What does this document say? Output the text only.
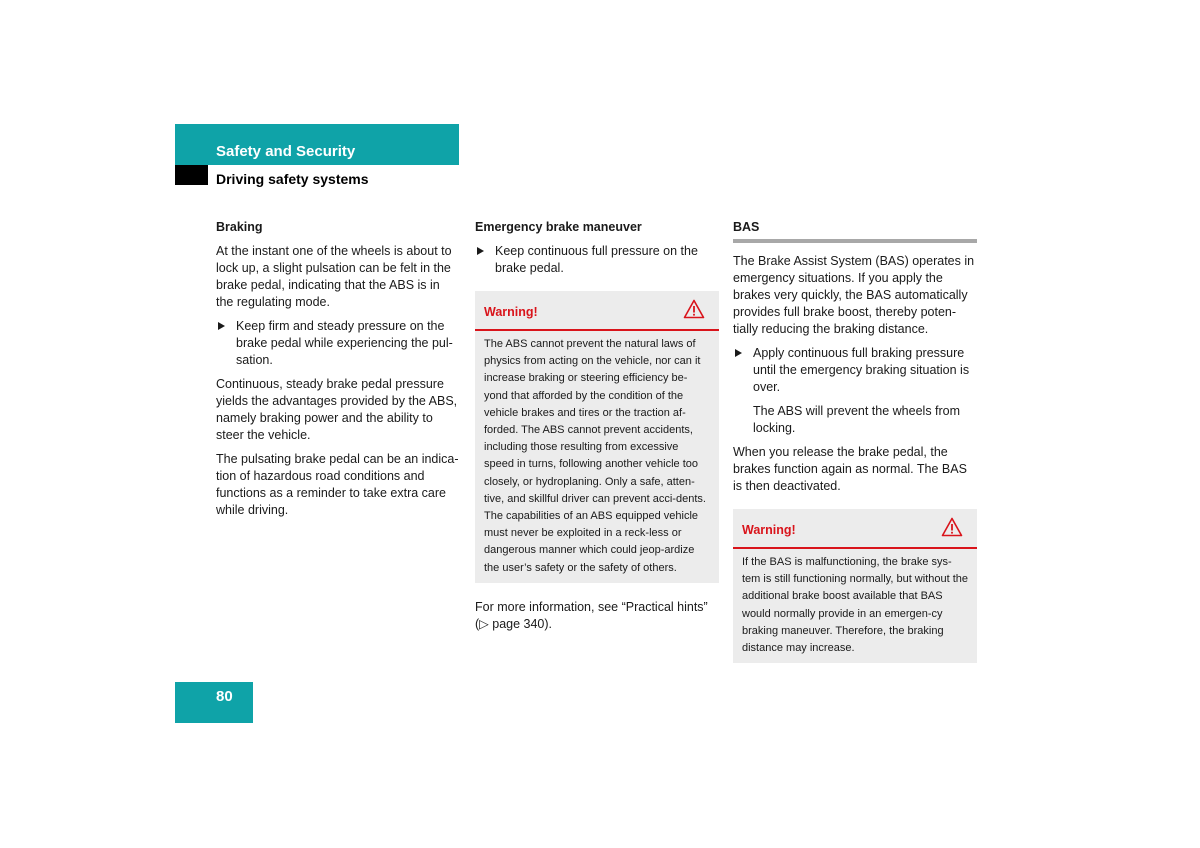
Safety and Security
Driving safety systems
Braking

At the instant one of the wheels is about to lock up, a slight pulsation can be felt in the brake pedal, indicating that the ABS is in the regulating mode.

Keep firm and steady pressure on the brake pedal while experiencing the pul-sation.

Continuous, steady brake pedal pressure yields the advantages provided by the ABS, namely braking power and the ability to steer the vehicle.

The pulsating brake pedal can be an indica-tion of hazardous road conditions and functions as a reminder to take extra care while driving.

Emergency brake maneuver
Keep continuous full pressure on the brake pedal.
Warning!
The ABS cannot prevent the natural laws of physics from acting on the vehicle, nor can it increase braking or steering efficiency be-yond that afforded by the condition of the vehicle brakes and tires or the traction af-forded. The ABS cannot prevent accidents, including those resulting from excessive speed in turns, following another vehicle too closely, or hydroplaning. Only a safe, atten-tive, and skillful driver can prevent acci-dents. The capabilities of an ABS equipped vehicle must never be exploited in a reck-less or dangerous manner which could jeop-ardize the user’s safety or the safety of others.

For more information, see “Practical hints” (▷ page 340).

BAS

The Brake Assist System (BAS) operates in emergency situations. If you apply the brakes very quickly, the BAS automatically provides full brake boost, thereby poten-tially reducing the braking distance.

Apply continuous full braking pressure until the emergency braking situation is over.

The ABS will prevent the wheels from locking.

When you release the brake pedal, the brakes function again as normal. The BAS is then deactivated.

Warning!
If the BAS is malfunctioning, the brake sys-tem is still functioning normally, but without the additional brake boost available that BAS would normally provide in an emergen-cy braking maneuver. Therefore, the braking distance may increase.
80
